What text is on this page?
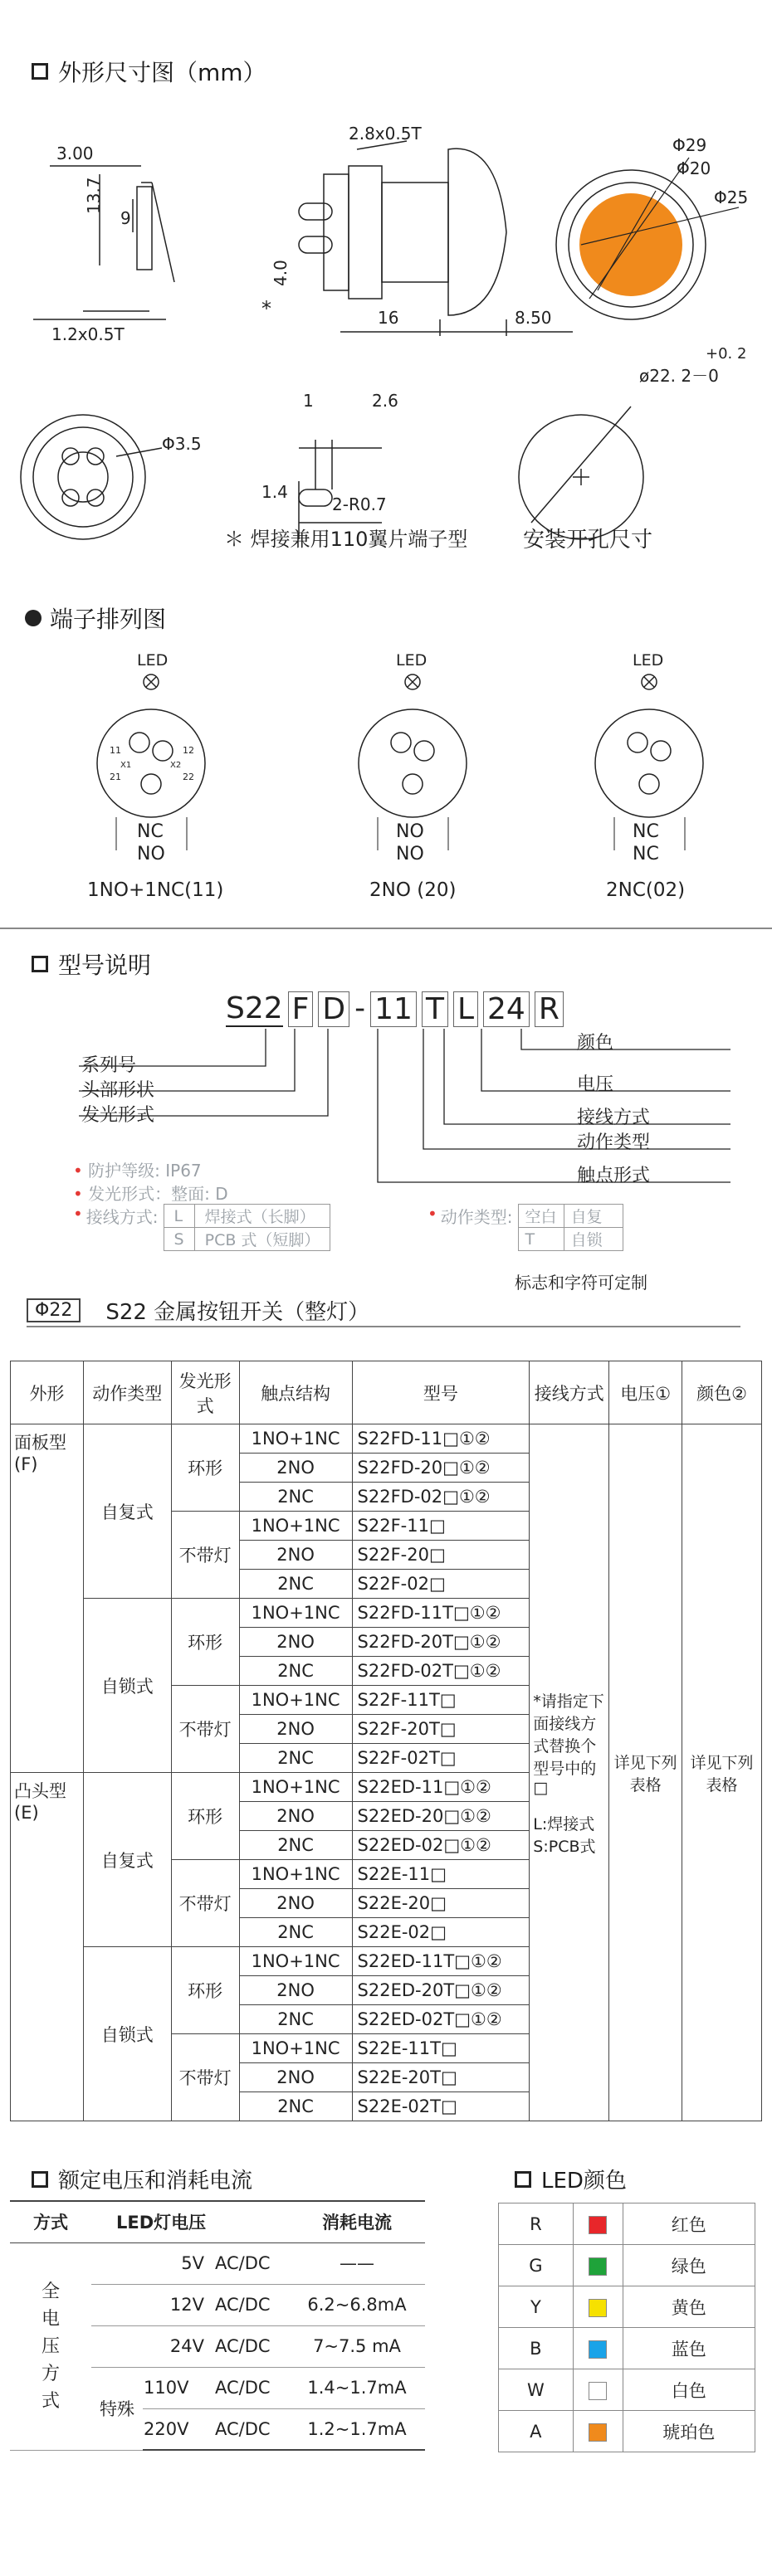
外形尺寸图（mm）
3.00
13.7
9
1.2x0.5T
2.8x0.5T
4.0
*	16	8.50
Φ29
Φ20
Φ25
Φ3.5
1	2.6
1.4
2-R0.7
+0. 2
ø22. 2－0
＊ 焊接兼用110翼片端子型	安装开孔尺寸
端子排列图
LED
11	12
21	22
X1	X2
NC
NO
1NO+1NC(11)
LED
NO
NO
2NO (20)
LED
NC
NC
2NC(02)
型号说明
S22 F D - 11 T L 24 R
系列号
头部形状
发光形式
颜色
电压
接线方式
动作类型
触点形式
• 防护等级: IP67
• 发光形式：整面: D
• 接线方式: L	焊接式（长脚）
S	PCB 式（短脚）
• 动作类型: 空白	自复
T	自锁
标志和字符可定制
Φ22	S22 金属按钮开关（整灯）
外形	动作类型	发光形式	触点结构	型号	接线方式	电压①	颜色②
面板型 (F)	自复式	环形	1NO+1NC	S22FD-11□①②	*请指定下面接线方式替换个型号中的 □
L:焊接式 S:PCB式	详见下列表格	详见下列表格
			2NO	S22FD-20□①②			
			2NC	S22FD-02□①②			
		不带灯	1NO+1NC	S22F-11□			
			2NO	S22F-20□			
			2NC	S22F-02□			
	自锁式	环形	1NO+1NC	S22FD-11T□①②			
			2NO	S22FD-20T□①②			
			2NC	S22FD-02T□①②			
		不带灯	1NO+1NC	S22F-11T□			
			2NO	S22F-20T□			
			2NC	S22F-02T□			
凸头型 (E)	自复式	环形	1NO+1NC	S22ED-11□①②			
			2NO	S22ED-20□①②			
			2NC	S22ED-02□①②			
		不带灯	1NO+1NC	S22E-11□			
			2NO	S22E-20□			
			2NC	S22E-02□			
	自锁式	环形	1NO+1NC	S22ED-11T□①②			
			2NO	S22ED-20T□①②			
			2NC	S22ED-02T□①②			
		不带灯	1NO+1NC	S22E-11T□			
			2NO	S22E-20T□			
			2NC	S22E-02T□			
额定电压和消耗电流
方式	LED灯电压			消耗电流
全电压方式	5V		AC/DC	——
	12V		AC/DC	6.2~6.8mA
	24V		AC/DC	7~7.5 mA
	特殊	110V	AC/DC	1.4~1.7mA
		220V	AC/DC	1.2~1.7mA
LED颜色
R		红色
G		绿色
Y		黄色
B		蓝色
W		白色
A		琥珀色
